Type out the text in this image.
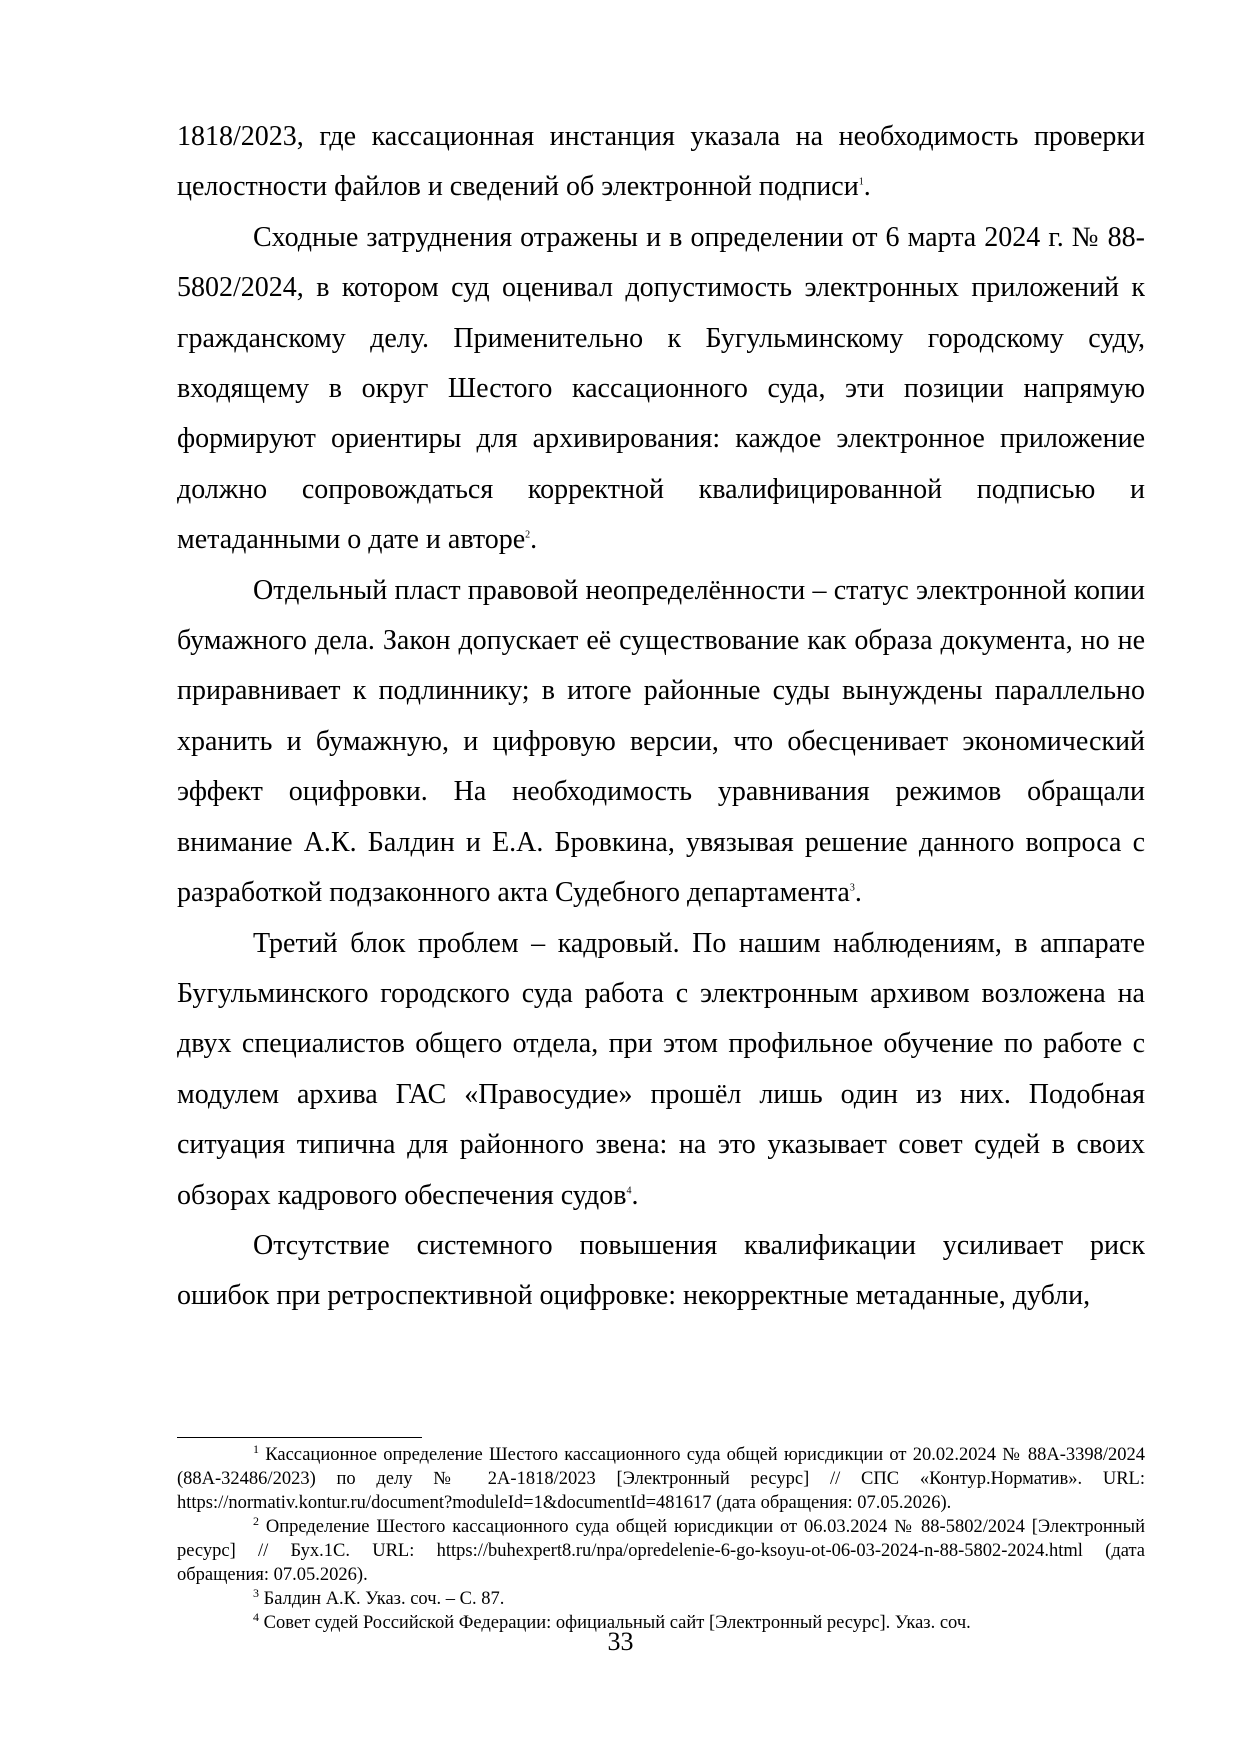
1818/2023, где кассационная инстанция указала на необходимость проверки целостности файлов и сведений об электронной подписи$^1$.

Сходные затруднения отражены и в определении от 6 марта 2024 г. № 88-5802/2024, в котором суд оценивал допустимость электронных приложений к гражданскому делу. Применительно к Бугульминскому городскому суду, входящему в округ Шестого кассационного суда, эти позиции напрямую формируют ориентиры для архивирования: каждое электронное приложение должно сопровождаться корректной квалифицированной подписью и метаданными о дате и авторе$^2$.

Отдельный пласт правовой неопределённости – статус электронной копии бумажного дела. Закон допускает её существование как образа документа, но не приравнивает к подлиннику; в итоге районные суды вынуждены параллельно хранить и бумажную, и цифровую версии, что обесценивает экономический эффект оцифровки. На необходимость уравнивания режимов обращали внимание А.К. Балдин и Е.А. Бровкина, увязывая решение данного вопроса с разработкой подзаконного акта Судебного департамента$^3$.

Третий блок проблем – кадровый. По нашим наблюдениям, в аппарате Бугульминского городского суда работа с электронным архивом возложена на двух специалистов общего отдела, при этом профильное обучение по работе с модулем архива ГАС «Правосудие» прошёл лишь один из них. Подобная ситуация типична для районного звена: на это указывает совет судей в своих обзорах кадрового обеспечения судов$^4$.

Отсутствие системного повышения квалификации усиливает риск ошибок при ретроспективной оцифровке: некорректные метаданные, дубли,

$^1$ Кассационное определение Шестого кассационного суда общей юрисдикции от 20.02.2024 № 88А-3398/2024 (88А-32486/2023) по делу № 2А-1818/2023 [Электронный ресурс] // СПС «Контур.Норматив». URL: https://normativ.kontur.ru/document?moduleId=1&documentId=481617 (дата обращения: 07.05.2026).

$^2$ Определение Шестого кассационного суда общей юрисдикции от 06.03.2024 № 88-5802/2024 [Электронный ресурс] // Бух.1С. URL: https://buhexpert8.ru/npa/opredelenie-6-go-ksoyu-ot-06-03-2024-n-88-5802-2024.html (дата обращения: 07.05.2026).

$^3$ Балдин А.К. Указ. соч. – С. 87.

$^4$ Совет судей Российской Федерации: официальный сайт [Электронный ресурс]. Указ. соч.

33
